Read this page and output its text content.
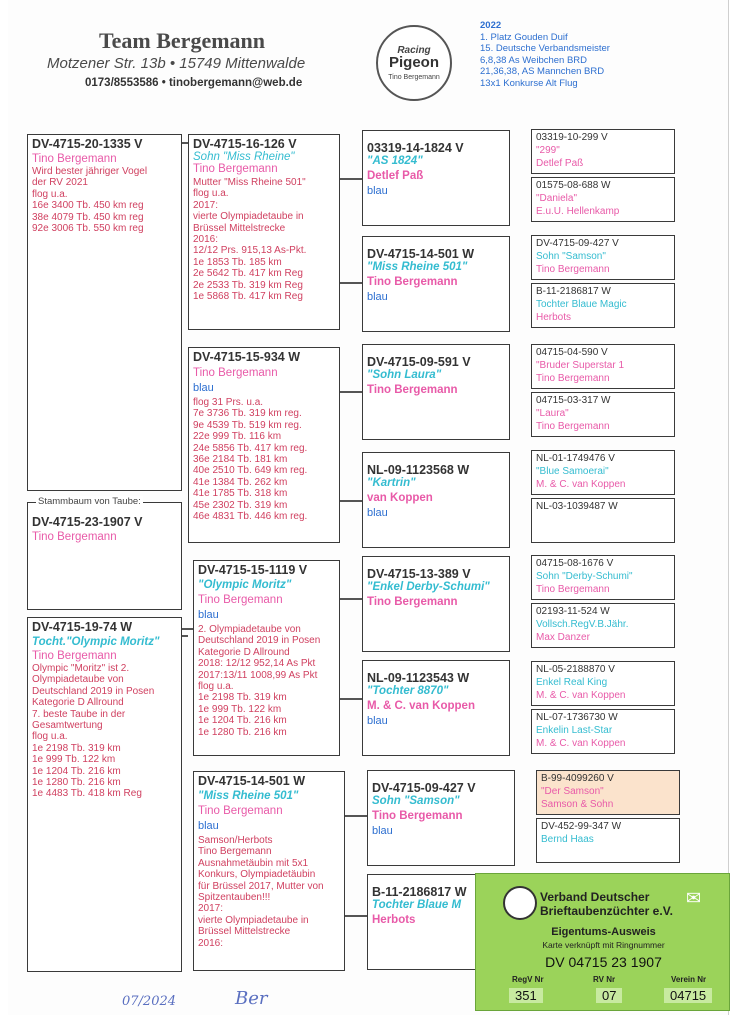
Team Bergemann
Motzener Str. 13b • 15749 Mittenwalde
0173/8553586 • tinobergemann@web.de
Racing
Pigeon
Tino Bergemann
2022
1. Platz Gouden Duif
15. Deutsche Verbandsmeister
6,8,38 As Weibchen BRD
21,36,38, AS Mannchen BRD
13x1 Konkurse Alt Flug
DV-4715-20-1335 V
Tino Bergemann
Wird bester jähriger Vogel
der RV 2021
flog u.a.
16e 3400 Tb. 450 km reg
38e 4079 Tb. 450 km reg
92e 3006 Tb. 550 km reg
DV-4715-23-1907 V
Tino Bergemann
Stammbaum von Taube:
DV-4715-19-74 W
Tocht."Olympic Moritz"
Tino Bergemann
Olympic "Moritz" ist 2.
Olympiadetaube von
Deutschland 2019 in Posen
Kategorie D Allround
7. beste Taube in der
Gesamtwertung
flog u.a.
1e 2198 Tb. 319 km
1e 999 Tb. 122 km
1e 1204 Tb. 216 km
1e 1280 Tb. 216 km
1e 4483 Tb. 418 km Reg
DV-4715-16-126 V
Sohn "Miss Rheine"
Tino Bergemann
Mutter "Miss Rheine 501"
flog u.a.
2017:
vierte Olympiadetaube in
Brüssel Mittelstrecke
2016:
12/12 Prs. 915,13 As-Pkt.
1e 1853 Tb. 185 km
2e 5642 Tb. 417 km Reg
2e 2533 Tb. 319 km Reg
1e 5868 Tb. 417 km Reg
DV-4715-15-934 W
Tino Bergemann
blau
flog 31 Prs. u.a.
7e 3736 Tb. 319 km reg.
9e 4539 Tb. 519 km reg.
22e 999 Tb. 116 km
24e 5856 Tb. 417 km reg.
36e 2184 Tb. 181 km
40e 2510 Tb. 649 km reg.
41e 1384 Tb. 262 km
41e 1785 Tb. 318 km
45e 2302 Tb. 319 km
46e 4831 Tb. 446 km reg.
DV-4715-15-1119 V
"Olympic Moritz"
Tino Bergemann
blau
2. Olympiadetaube von
Deutschland 2019 in Posen
Kategorie D Allround
2018: 12/12 952,14 As Pkt
2017:13/11 1008,99 As Pkt
flog u.a.
1e 2198 Tb. 319 km
1e 999 Tb. 122 km
1e 1204 Tb. 216 km
1e 1280 Tb. 216 km
DV-4715-14-501 W
"Miss Rheine 501"
Tino Bergemann
blau
Samson/Herbots
Tino Bergemann
Ausnahmetäubin mit 5x1
Konkurs, Olympiadetäubin
für Brüssel 2017, Mutter von
Spitzentauben!!!
2017:
vierte Olympiadetaube in
Brüssel Mittelstrecke
2016:
03319-14-1824 V
"AS 1824"
Detlef Paß
blau
DV-4715-14-501 W
"Miss Rheine 501"
Tino Bergemann
blau
DV-4715-09-591 V
"Sohn Laura"
Tino Bergemann
NL-09-1123568 W
"Kartrin"
van Koppen
blau
DV-4715-13-389 V
"Enkel Derby-Schumi"
Tino Bergemann
NL-09-1123543 W
"Tochter 8870"
M. & C. van Koppen
blau
DV-4715-09-427 V
Sohn "Samson"
Tino Bergemann
blau
B-11-2186817 W
Tochter Blaue M
Herbots
03319-10-299 V
"299"
Detlef Paß
01575-08-688 W
"Daniela"
E.u.U. Hellenkamp
DV-4715-09-427 V
Sohn "Samson"
Tino Bergemann
B-11-2186817 W
Tochter Blaue Magic
Herbots
04715-04-590 V
"Bruder Superstar 1
Tino Bergemann
04715-03-317 W
"Laura"
Tino Bergemann
NL-01-1749476 V
"Blue Samoerai"
M. & C. van Koppen
NL-03-1039487 W
04715-08-1676 V
Sohn "Derby-Schumi"
Tino Bergemann
02193-11-524 W
Vollsch.RegV.B.Jähr.
Max Danzer
NL-05-2188870 V
Enkel Real King
M. & C. van Koppen
NL-07-1736730 W
Enkelin Last-Star
M. & C. van Koppen
B-99-4099260 V
"Der Samson"
Samson & Sohn
DV-452-99-347 W
Bernd Haas
✉
Verband Deutscher
Brieftaubenzüchter e.V.
Eigentums-Ausweis
Karte verknüpft mit Ringnummer
DV 04715 23 1907
RegV Nr	RV Nr	Verein Nr
351	07	04715
07/2024	Ber
